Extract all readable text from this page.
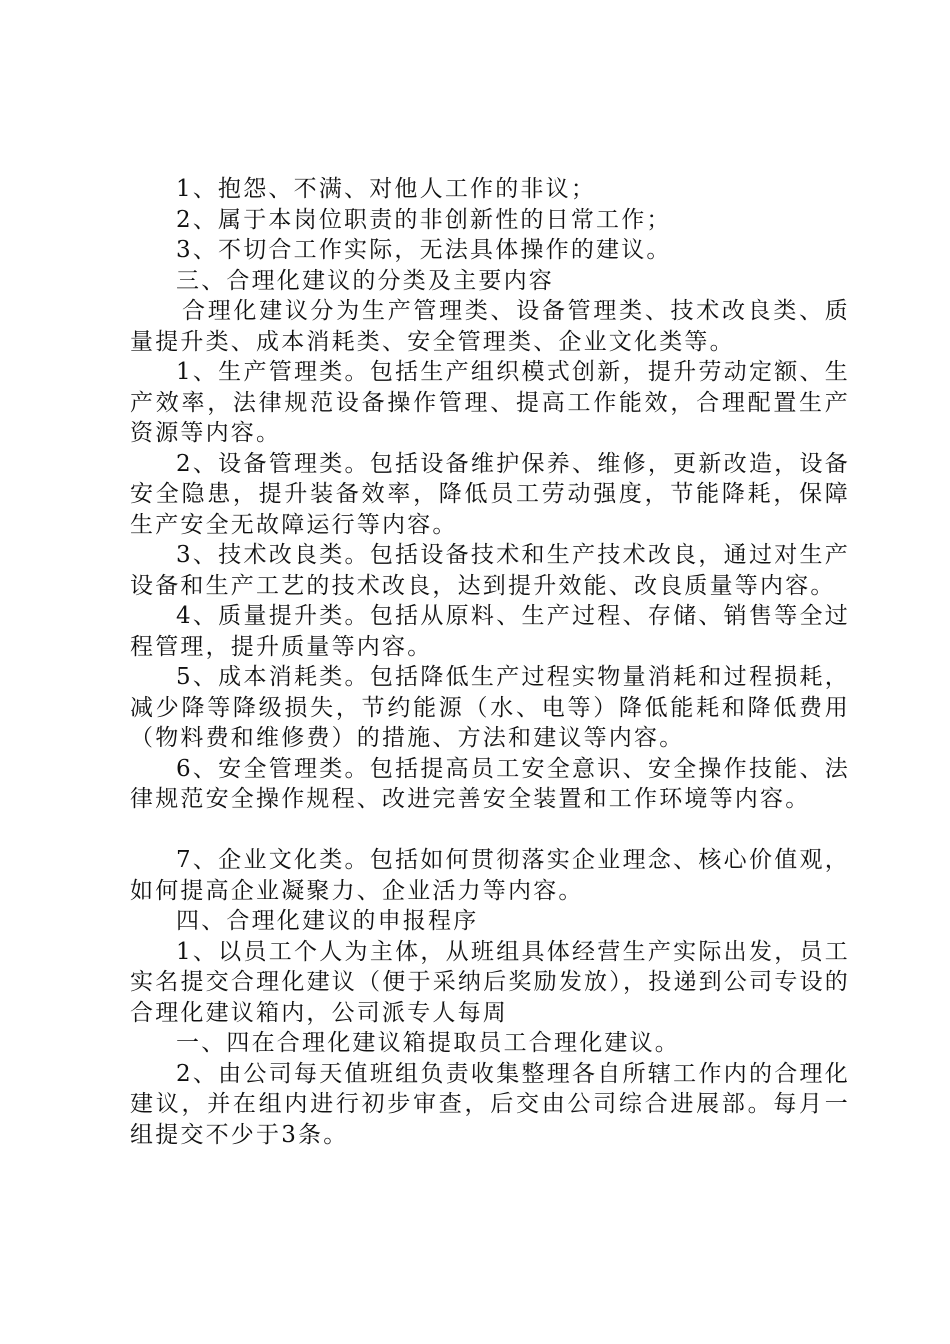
1、抱怨、不满、对他人工作的非议；

2、属于本岗位职责的非创新性的日常工作；

3、不切合工作实际，无法具体操作的建议。

三、合理化建议的分类及主要内容

合理化建议分为生产管理类、设备管理类、技术改良类、质量提升类、成本消耗类、安全管理类、企业文化类等。

1、生产管理类。包括生产组织模式创新，提升劳动定额、生产效率，法律规范设备操作管理、提高工作能效，合理配置生产资源等内容。

2、设备管理类。包括设备维护保养、维修，更新改造，设备安全隐患，提升装备效率，降低员工劳动强度，节能降耗，保障生产安全无故障运行等内容。

3、技术改良类。包括设备技术和生产技术改良，通过对生产设备和生产工艺的技术改良，达到提升效能、改良质量等内容。

4、质量提升类。包括从原料、生产过程、存储、销售等全过程管理，提升质量等内容。

5、成本消耗类。包括降低生产过程实物量消耗和过程损耗，减少降等降级损失，节约能源（水、电等）降低能耗和降低费用（物料费和维修费）的措施、方法和建议等内容。

6、安全管理类。包括提高员工安全意识、安全操作技能、法律规范安全操作规程、改进完善安全装置和工作环境等内容。

7、企业文化类。包括如何贯彻落实企业理念、核心价值观，如何提高企业凝聚力、企业活力等内容。

四、合理化建议的申报程序

1、以员工个人为主体，从班组具体经营生产实际出发，员工实名提交合理化建议（便于采纳后奖励发放），投递到公司专设的合理化建议箱内，公司派专人每周

一、四在合理化建议箱提取员工合理化建议。

2、由公司每天值班组负责收集整理各自所辖工作内的合理化建议，并在组内进行初步审查，后交由公司综合进展部。每月一组提交不少于3条。
